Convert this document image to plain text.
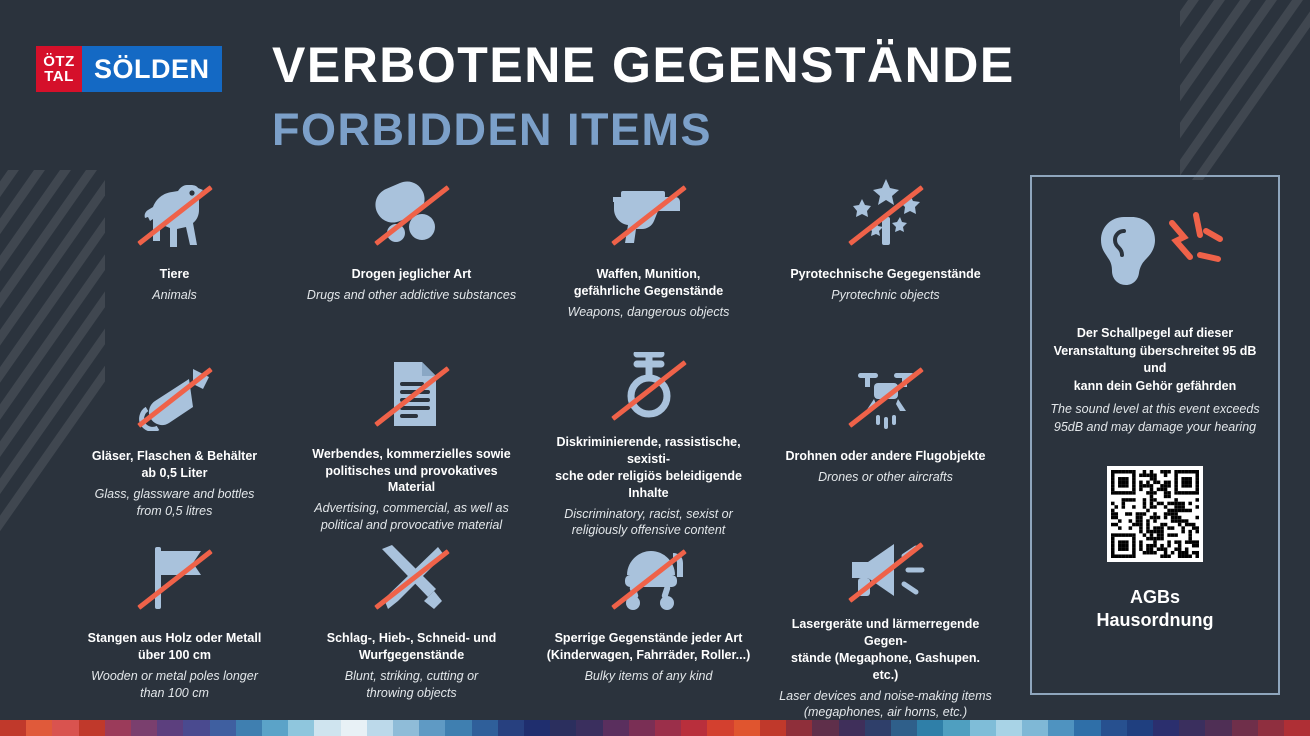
ÖTZ
TAL SÖLDEN VERBOTENE GEGENSTÄNDE
FORBIDDEN ITEMS
Tiere
Animals
Drogen jeglicher Art
Drugs and other addictive substances
Waffen, Munition,
gefährliche Gegenstände
Weapons, dangerous objects
Pyrotechnische Gegegenstände
Pyrotechnic objects
Gläser, Flaschen & Behälter
ab 0,5 Liter
Glass, glassware and bottles
from 0,5 litres
Werbendes, kommerzielles sowie
politisches und provokatives Material
Advertising, commercial, as well as
political and provocative material
Diskriminierende, rassistische, sexisti-
sche oder religiös beleidigende Inhalte
Discriminatory, racist, sexist or
religiously offensive content
Drohnen oder andere Flugobjekte
Drones or other aircrafts
Stangen aus Holz oder Metall
über 100 cm
Wooden or metal poles longer
than 100 cm
Schlag-, Hieb-, Schneid- und
Wurfgegenstände
Blunt, striking, cutting or
throwing objects
Sperrige Gegenstände jeder Art
(Kinderwagen, Fahrräder, Roller...)
Bulky items of any kind
Lasergeräte und lärmerregende Gegen-
stände (Megaphone, Gashupen. etc.)
Laser devices and noise-making items
(megaphones, air horns, etc.)
Der Schallpegel auf dieser
Veranstaltung überschreitet 95 dB und
kann dein Gehör gefährden
The sound level at this event exceeds
95dB and may damage your hearing
AGBs
Hausordnung
